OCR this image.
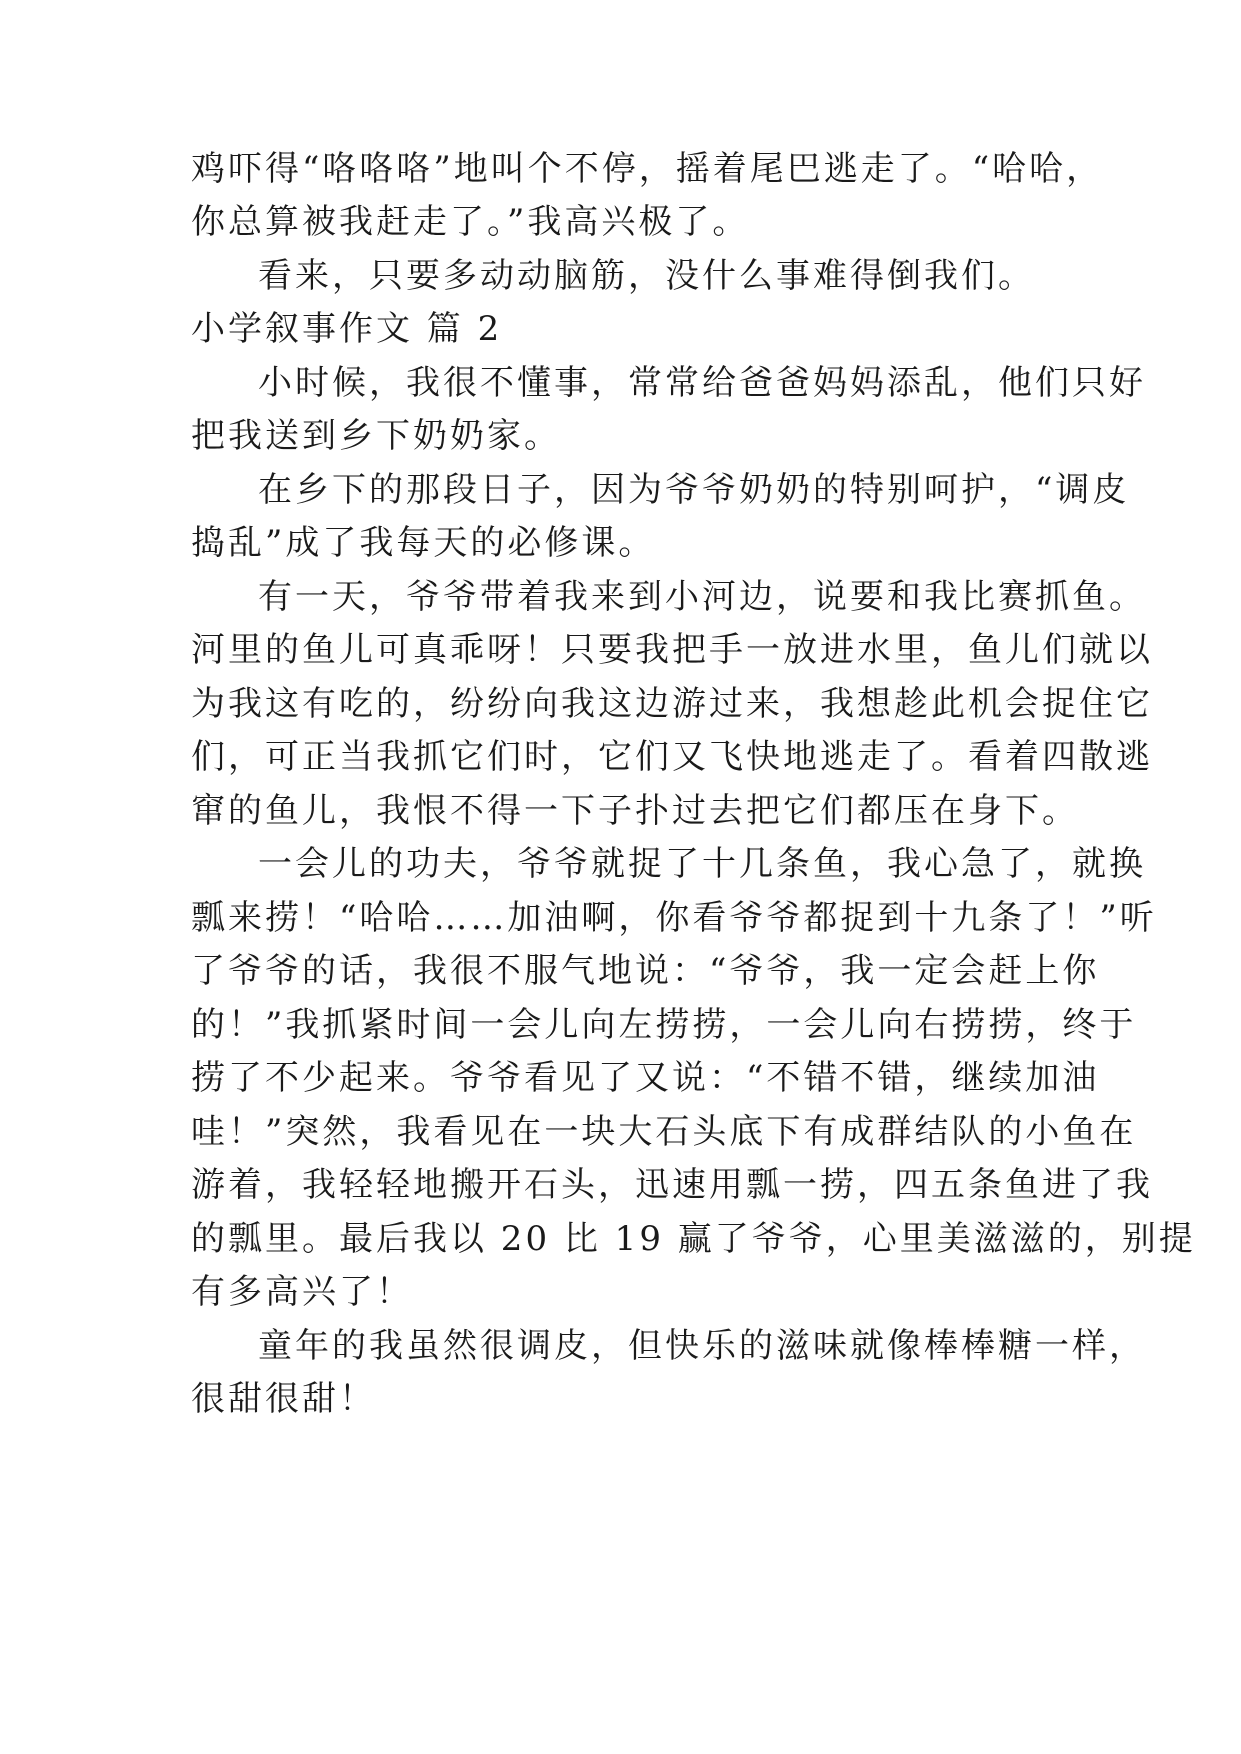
鸡吓得“咯咯咯”地叫个不停，摇着尾巴逃走了。“哈哈，
你总算被我赶走了。”我高兴极了。
看来，只要多动动脑筋，没什么事难得倒我们。
小学叙事作文 篇 2
小时候，我很不懂事，常常给爸爸妈妈添乱，他们只好
把我送到乡下奶奶家。
在乡下的那段日子，因为爷爷奶奶的特别呵护，“调皮
捣乱”成了我每天的必修课。
有一天，爷爷带着我来到小河边，说要和我比赛抓鱼。
河里的鱼儿可真乖呀！只要我把手一放进水里，鱼儿们就以
为我这有吃的，纷纷向我这边游过来，我想趁此机会捉住它
们，可正当我抓它们时，它们又飞快地逃走了。看着四散逃
窜的鱼儿，我恨不得一下子扑过去把它们都压在身下。
一会儿的功夫，爷爷就捉了十几条鱼，我心急了，就换
瓢来捞！“哈哈……加油啊，你看爷爷都捉到十九条了！”听
了爷爷的话，我很不服气地说：“爷爷，我一定会赶上你
的！”我抓紧时间一会儿向左捞捞，一会儿向右捞捞，终于
捞了不少起来。爷爷看见了又说：“不错不错，继续加油
哇！”突然，我看见在一块大石头底下有成群结队的小鱼在
游着，我轻轻地搬开石头，迅速用瓢一捞，四五条鱼进了我
的瓢里。最后我以 20 比 19 赢了爷爷，心里美滋滋的，别提
有多高兴了！
童年的我虽然很调皮，但快乐的滋味就像棒棒糖一样，
很甜很甜！
